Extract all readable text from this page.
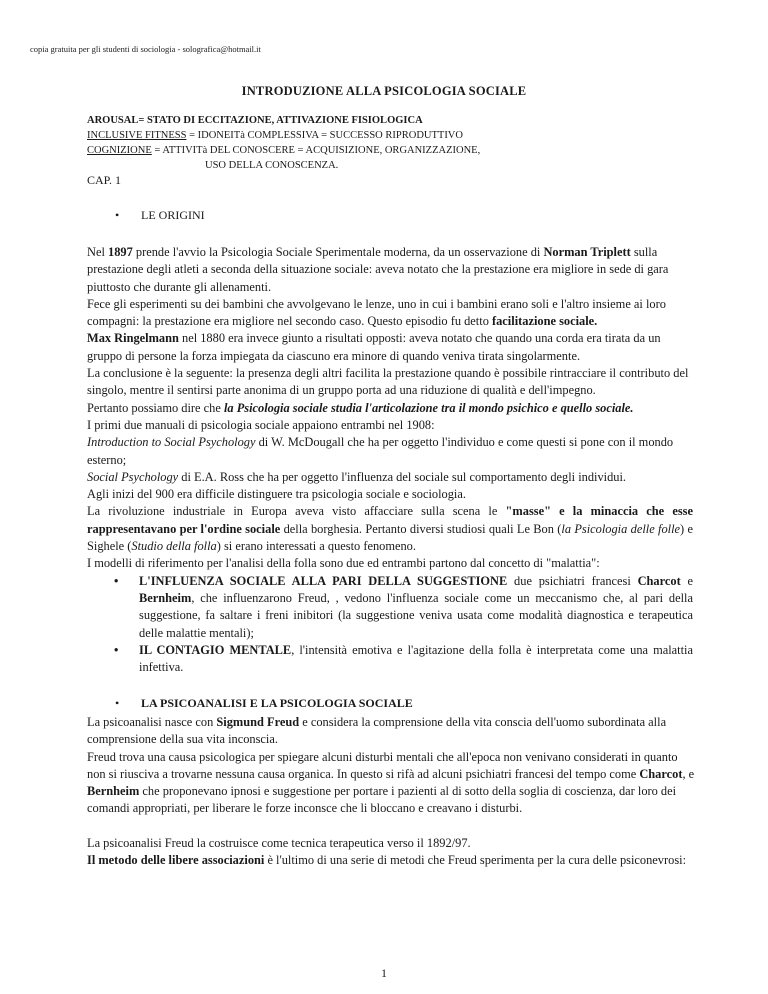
copia gratuita per gli studenti di sociologia - solografica@hotmail.it
INTRODUZIONE ALLA PSICOLOGIA SOCIALE
AROUSAL= STATO DI ECCITAZIONE, ATTIVAZIONE FISIOLOGICA
INCLUSIVE FITNESS = IDONEITà COMPLESSIVA = SUCCESSO RIPRODUTTIVO
COGNIZIONE = ATTIVITà DEL CONOSCERE = ACQUISIZIONE, ORGANIZZAZIONE,
USO DELLA CONOSCENZA.
CAP. 1
• LE ORIGINI

Nel 1897 prende l'avvio la Psicologia Sociale Sperimentale moderna, da un osservazione di Norman Triplett sulla prestazione degli atleti a seconda della situazione sociale: aveva notato che la prestazione era migliore in sede di gara piuttosto che durante gli allenamenti.

Fece gli esperimenti su dei bambini che avvolgevano le lenze, uno in cui i bambini erano soli e l'altro insieme ai loro compagni: la prestazione era migliore nel secondo caso. Questo episodio fu detto facilitazione sociale.

Max Ringelmann nel 1880 era invece giunto a risultati opposti: aveva notato che quando una corda era tirata da un gruppo di persone la forza impiegata da ciascuno era minore di quando veniva tirata singolarmente.

La conclusione è la seguente: la presenza degli altri facilita la prestazione quando è possibile rintracciare il contributo del singolo, mentre il sentirsi parte anonima di un gruppo porta ad una riduzione di qualità e dell'impegno.

Pertanto possiamo dire che la Psicologia sociale studia l'articolazione tra il mondo psichico e quello sociale.

I primi due manuali di psicologia sociale appaiono entrambi nel 1908:

Introduction to Social Psychology di W. McDougall che ha per oggetto l'individuo e come questi si pone con il mondo esterno;

Social Psychology di E.A. Ross che ha per oggetto l'influenza del sociale sul comportamento degli individui.

Agli inizi del 900 era difficile distinguere tra psicologia sociale e sociologia.

La rivoluzione industriale in Europa aveva visto affacciare sulla scena le "masse" e la minaccia che esse rappresentavano per l'ordine sociale della borghesia. Pertanto diversi studiosi quali Le Bon (la Psicologia delle folle) e Sighele (Studio della folla) si erano interessati a questo fenomeno.

I modelli di riferimento per l'analisi della folla sono due ed entrambi partono dal concetto di "malattia":

• L'INFLUENZA SOCIALE ALLA PARI DELLA SUGGESTIONE due psichiatri francesi Charcot e Bernheim, che influenzarono Freud, , vedono l'influenza sociale come un meccanismo che, al pari della suggestione, fa saltare i freni inibitori (la suggestione veniva usata come modalità diagnostica e terapeutica delle malattie mentali);
• IL CONTAGIO MENTALE, l'intensità emotiva e l'agitazione della folla è interpretata come una malattia infettiva.
• LA PSICOANALISI E LA PSICOLOGIA SOCIALE

La psicoanalisi nasce con Sigmund Freud e considera la comprensione della vita conscia dell'uomo subordinata alla comprensione della sua vita inconscia.

Freud trova una causa psicologica per spiegare alcuni disturbi mentali che all'epoca non venivano considerati in quanto non si riusciva a trovarne nessuna causa organica. In questo si rifà ad alcuni psichiatri francesi del tempo come Charcot, e Bernheim che proponevano ipnosi e suggestione per portare i pazienti al di sotto della soglia di coscienza, dar loro dei comandi appropriati, per liberare le forze inconsce che li bloccano e creavano i disturbi.

La psicoanalisi Freud la costruisce come tecnica terapeutica verso il 1892/97.

Il metodo delle libere associazioni è l'ultimo di una serie di metodi che Freud sperimenta per la cura delle psiconevrosi:

1
